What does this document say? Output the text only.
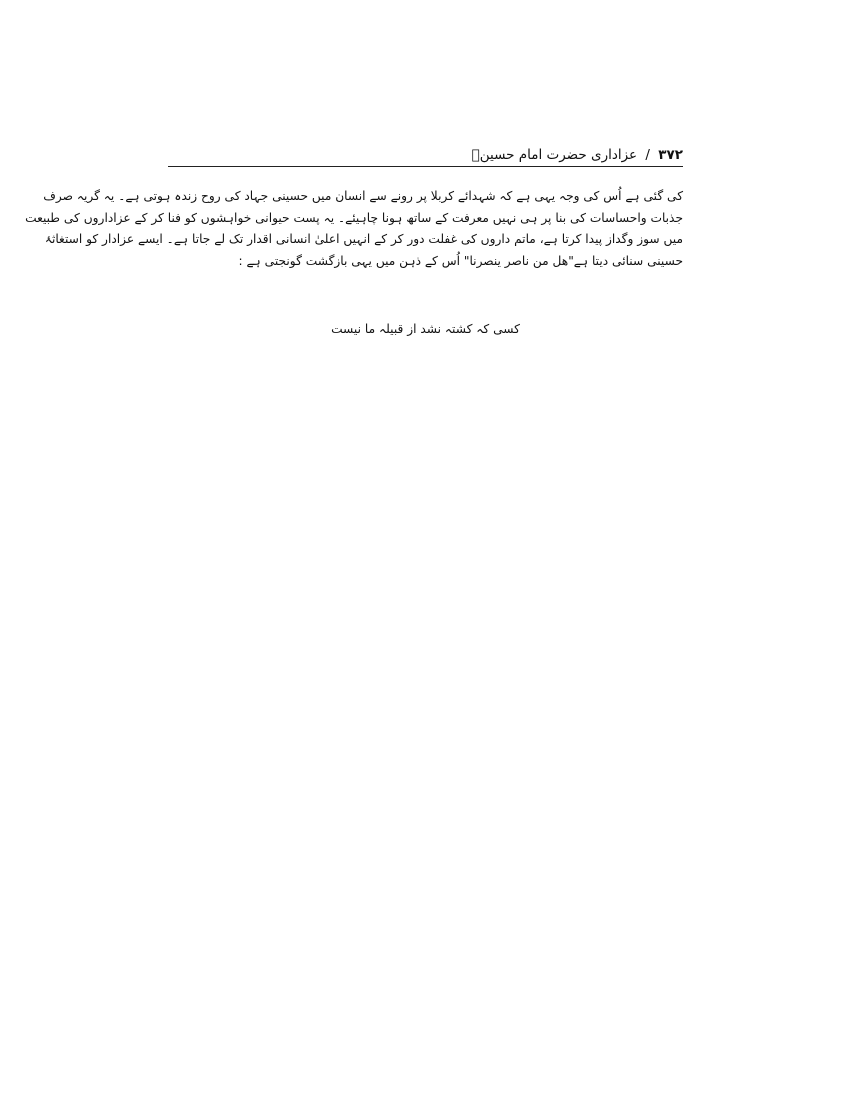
۳۷۲ / عزاداری حضرت امام حسینؑ
کی گئی ہے اُس کی وجہ یہی ہے کہ شہدائے کربلا پر رونے سے انسان میں حسینی جہاد کی روح زندہ ہوتی ہے۔ یہ گریہ صرف
جذبات واحساسات کی بنا پر ہی نہیں معرفت کے ساتھ ہونا چاہیئے۔ یہ پست حیوانی خواہشوں کو فنا کر کے عزاداروں کی طبیعت
میں سوز وگداز پیدا کرتا ہے، ماتم داروں کی غفلت دور کر کے انہیں اعلیٰ انسانی اقدار تک لے جاتا ہے۔ ایسے عزادار کو استغاثۂ
حسینی سنائی دیتا ہے"هل من ناصر ینصرنا" اُس کے ذہن میں یہی بازگشت گونجتی ہے :
کسی کہ کشتہ نشد از قبیلہ ما نیست
